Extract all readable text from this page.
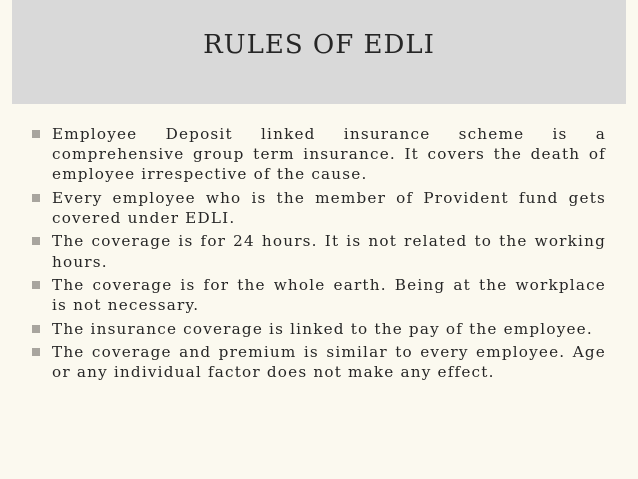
RULES OF EDLI
Employee Deposit linked insurance scheme is a comprehensive group term insurance. It covers the death of employee irrespective of the cause.
Every employee who is the member of Provident fund gets covered under EDLI.
The coverage is for 24 hours. It is not related to the working hours.
The coverage is for the whole earth. Being at the workplace is not necessary.
The insurance coverage is linked to the pay of the employee.
The coverage and premium is similar to every employee. Age or any individual factor does not make any effect.
